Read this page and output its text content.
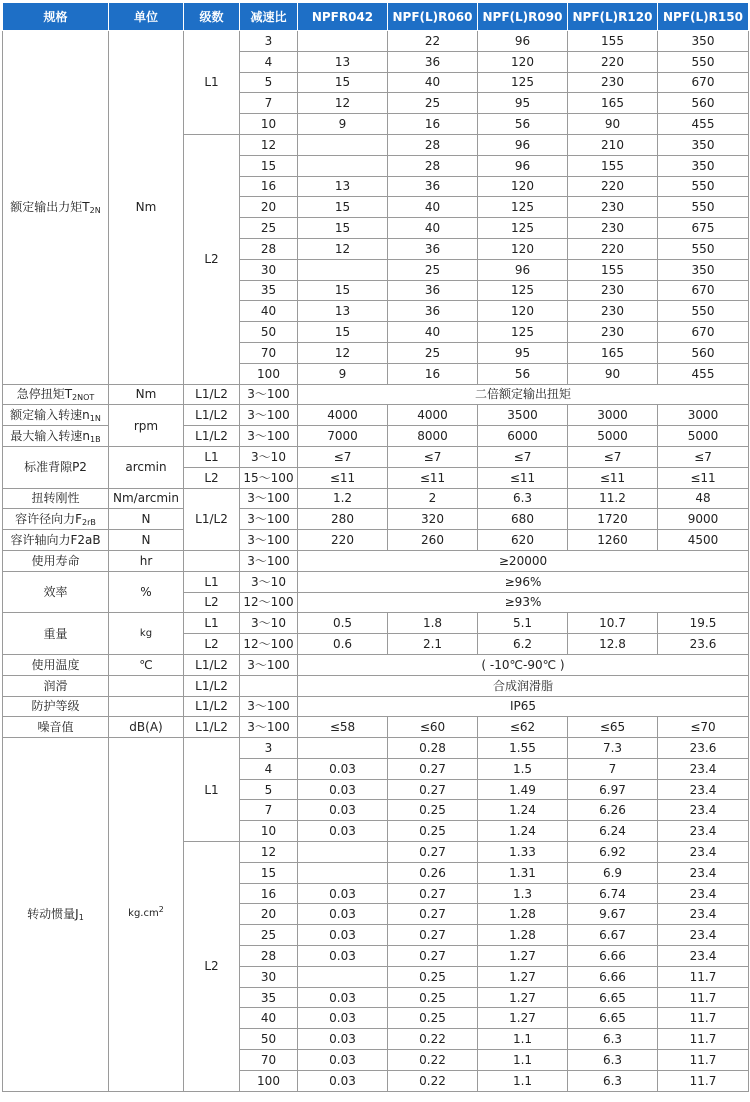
规格	单位	级数	减速比	NPFR042	NPF(L)R060	NPF(L)R090	NPF(L)R120	NPF(L)R150
额定输出力矩$T_{2N}$	Nm	L1	3		22	96	155	350
			4	13	36	120	220	550
			5	15	40	125	230	670
			7	12	25	95	165	560
			10	9	16	56	90	455
		L2	12		28	96	210	350
			15		28	96	155	350
			16	13	36	120	220	550
			20	15	40	125	230	550
			25	15	40	125	230	675
			28	12	36	120	220	550
			30		25	96	155	350
			35	15	36	125	230	670
			40	13	36	120	230	550
			50	15	40	125	230	670
			70	12	25	95	165	560
			100	9	16	56	90	455
急停扭矩$T_{2NOT}$	Nm	L1/L2	3～100	二倍额定输出扭矩				
额定输入转速$n_{1N}$	rpm	L1/L2	3～100	4000	4000	3500	3000	3000
最大输入转速$n_{1B}$		L1/L2	3～100	7000	8000	6000	5000	5000
标准背隙P2	arcmin	L1	3～10	≤7	≤7	≤7	≤7	≤7
		L2	15～100	≤11	≤11	≤11	≤11	≤11
扭转刚性	Nm/arcmin	L1/L2	3～100	1.2	2	6.3	11.2	48
容许径向力$F_{2rB}$	N		3～100	280	320	680	1720	9000
容许轴向力F2aB	N		3～100	220	260	620	1260	4500
使用寿命	hr		3～100	≥20000				
效率	%	L1	3～10	≥96%				
		L2	12～100	≥93%				
重量	kg	L1	3～10	0.5	1.8	5.1	10.7	19.5
		L2	12～100	0.6	2.1	6.2	12.8	23.6
使用温度	℃	L1/L2	3～100	( -10℃-90℃ )				
润滑		L1/L2		合成润滑脂				
防护等级		L1/L2	3～100	IP65				
噪音值	dB(A)	L1/L2	3～100	≤58	≤60	≤62	≤65	≤70
转动惯量$J_1$	$kg.cm^2$	L1	3		0.28	1.55	7.3	23.6
			4	0.03	0.27	1.5	7	23.4
			5	0.03	0.27	1.49	6.97	23.4
			7	0.03	0.25	1.24	6.26	23.4
			10	0.03	0.25	1.24	6.24	23.4
		L2	12		0.27	1.33	6.92	23.4
			15		0.26	1.31	6.9	23.4
			16	0.03	0.27	1.3	6.74	23.4
			20	0.03	0.27	1.28	9.67	23.4
			25	0.03	0.27	1.28	6.67	23.4
			28	0.03	0.27	1.27	6.66	23.4
			30		0.25	1.27	6.66	11.7
			35	0.03	0.25	1.27	6.65	11.7
			40	0.03	0.25	1.27	6.65	11.7
			50	0.03	0.22	1.1	6.3	11.7
			70	0.03	0.22	1.1	6.3	11.7
			100	0.03	0.22	1.1	6.3	11.7
